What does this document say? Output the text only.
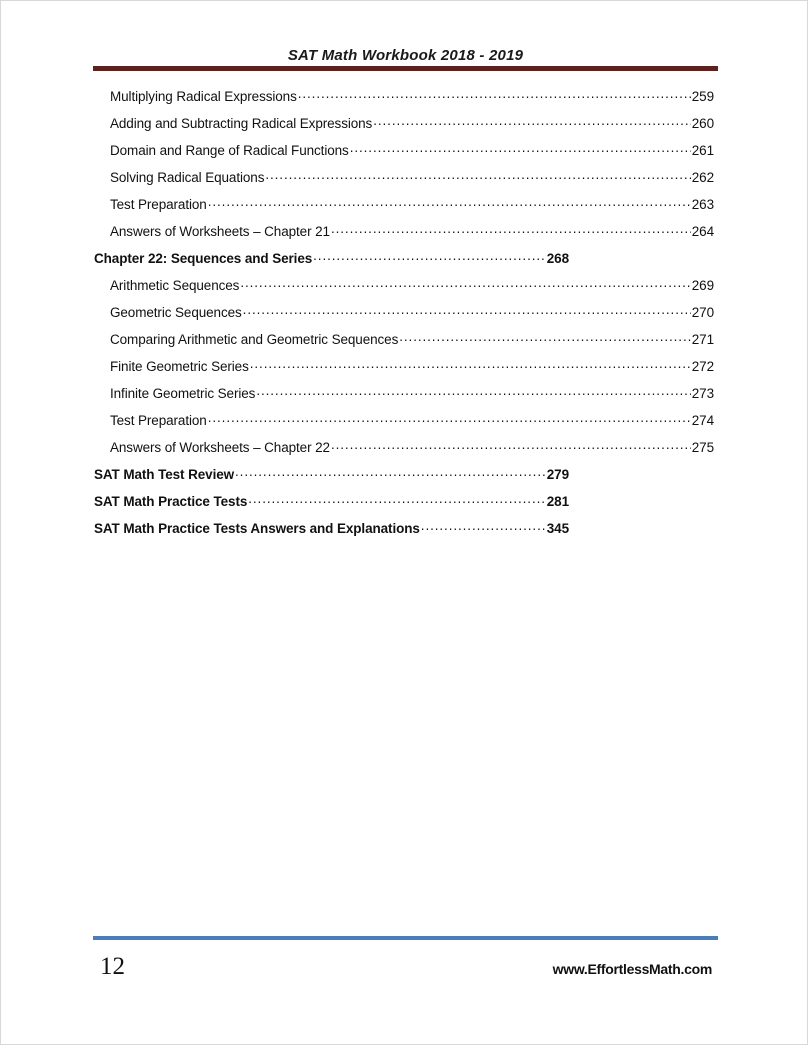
SAT Math Workbook 2018 - 2019
Multiplying Radical Expressions .....	259
Adding and Subtracting Radical Expressions .....	260
Domain and Range of Radical Functions .....	261
Solving Radical Equations .....	262
Test Preparation .....	263
Answers of Worksheets – Chapter 21 .....	264
Chapter 22: Sequences and Series .....	268
Arithmetic Sequences .....	269
Geometric Sequences .....	270
Comparing Arithmetic and Geometric Sequences .....	271
Finite Geometric Series .....	272
Infinite Geometric Series .....	273
Test Preparation .....	274
Answers of Worksheets – Chapter 22 .....	275
SAT Math Test Review .....	279
SAT Math Practice Tests .....	281
SAT Math Practice Tests Answers and Explanations .....	345
12	www.EffortlessMath.com
